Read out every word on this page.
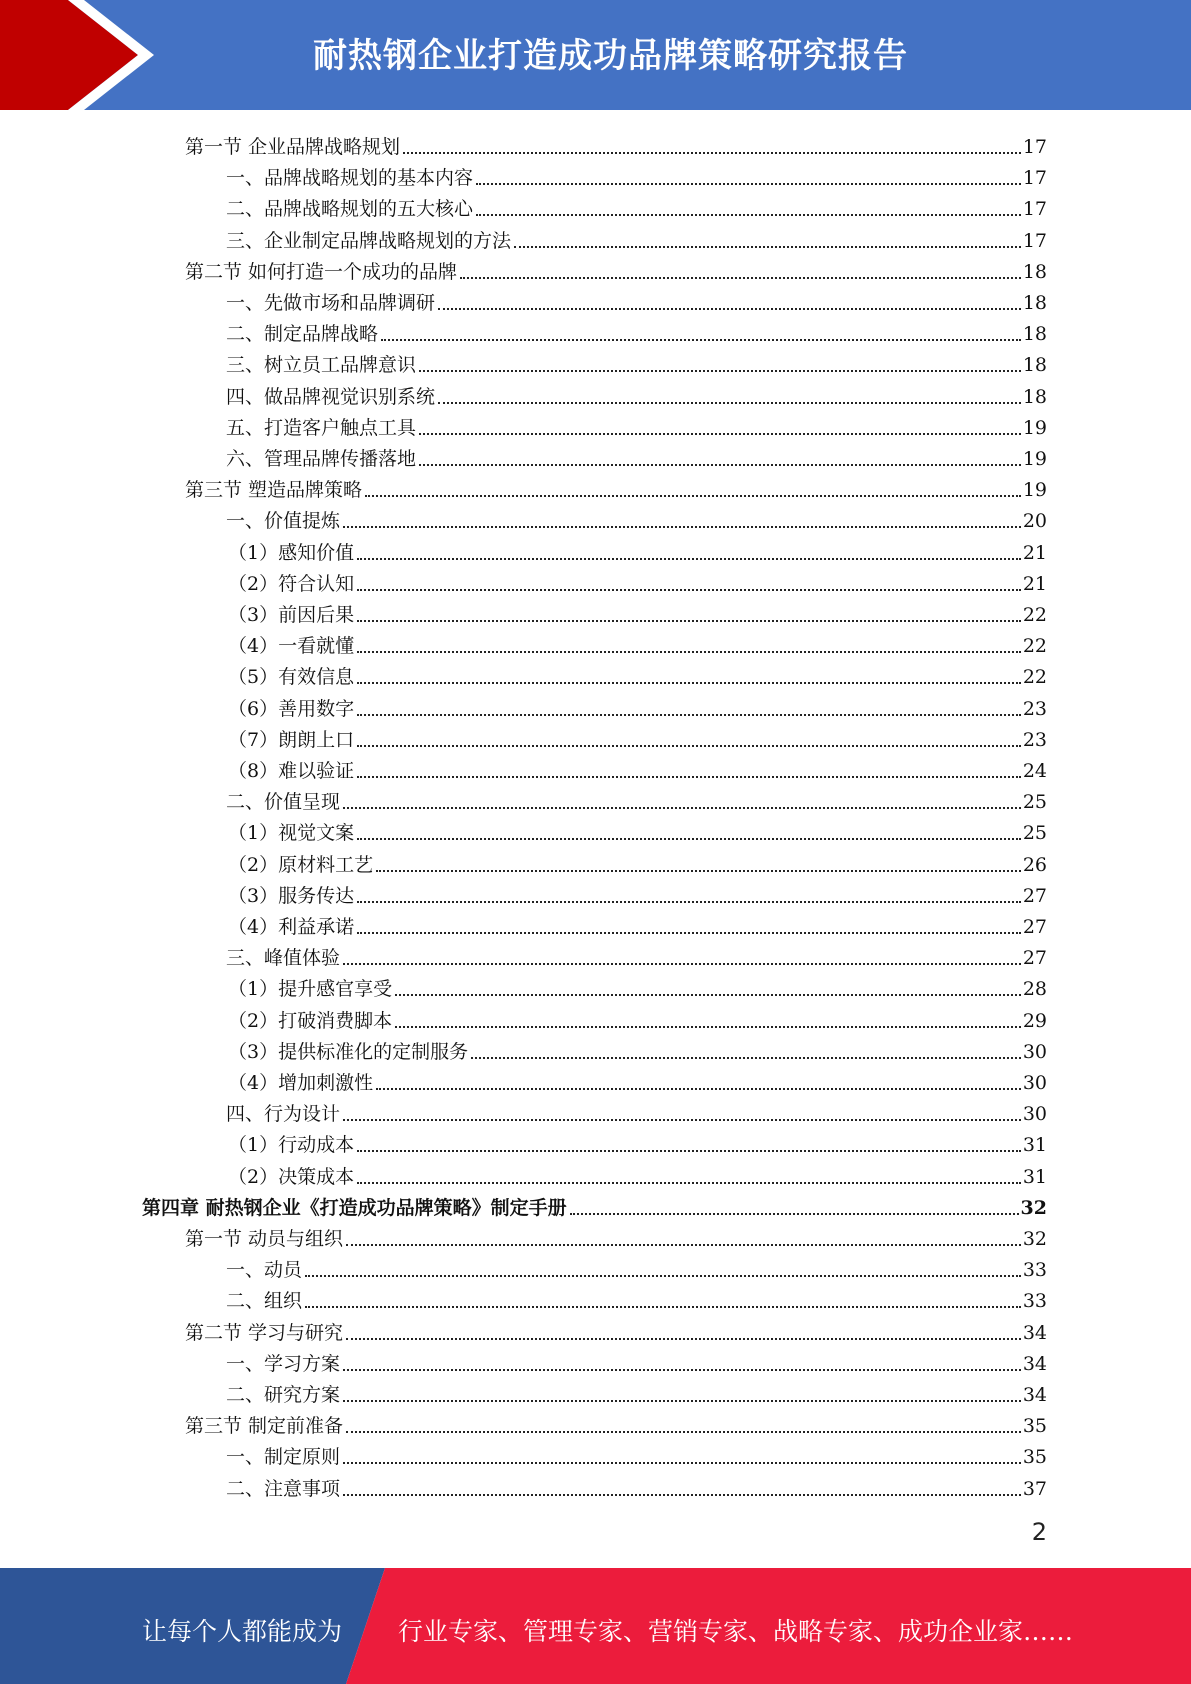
耐热钢企业打造成功品牌策略研究报告
第一节 企业品牌战略规划	17
一、品牌战略规划的基本内容	17
二、品牌战略规划的五大核心	17
三、企业制定品牌战略规划的方法	17
第二节 如何打造一个成功的品牌	18
一、先做市场和品牌调研	18
二、制定品牌战略	18
三、树立员工品牌意识	18
四、做品牌视觉识别系统	18
五、打造客户触点工具	19
六、管理品牌传播落地	19
第三节 塑造品牌策略	19
一、价值提炼	20
（1）感知价值	21
（2）符合认知	21
（3）前因后果	22
（4）一看就懂	22
（5）有效信息	22
（6）善用数字	23
（7）朗朗上口	23
（8）难以验证	24
二、价值呈现	25
（1）视觉文案	25
（2）原材料工艺	26
（3）服务传达	27
（4）利益承诺	27
三、峰值体验	27
（1）提升感官享受	28
（2）打破消费脚本	29
（3）提供标准化的定制服务	30
（4）增加刺激性	30
四、行为设计	30
（1）行动成本	31
（2）决策成本	31
第四章 耐热钢企业《打造成功品牌策略》制定手册	32
第一节 动员与组织	32
一、动员	33
二、组织	33
第二节 学习与研究	34
一、学习方案	34
二、研究方案	34
第三节 制定前准备	35
一、制定原则	35
二、注意事项	37
2
让每个人都能成为 行业专家、管理专家、营销专家、战略专家、成功企业家……
